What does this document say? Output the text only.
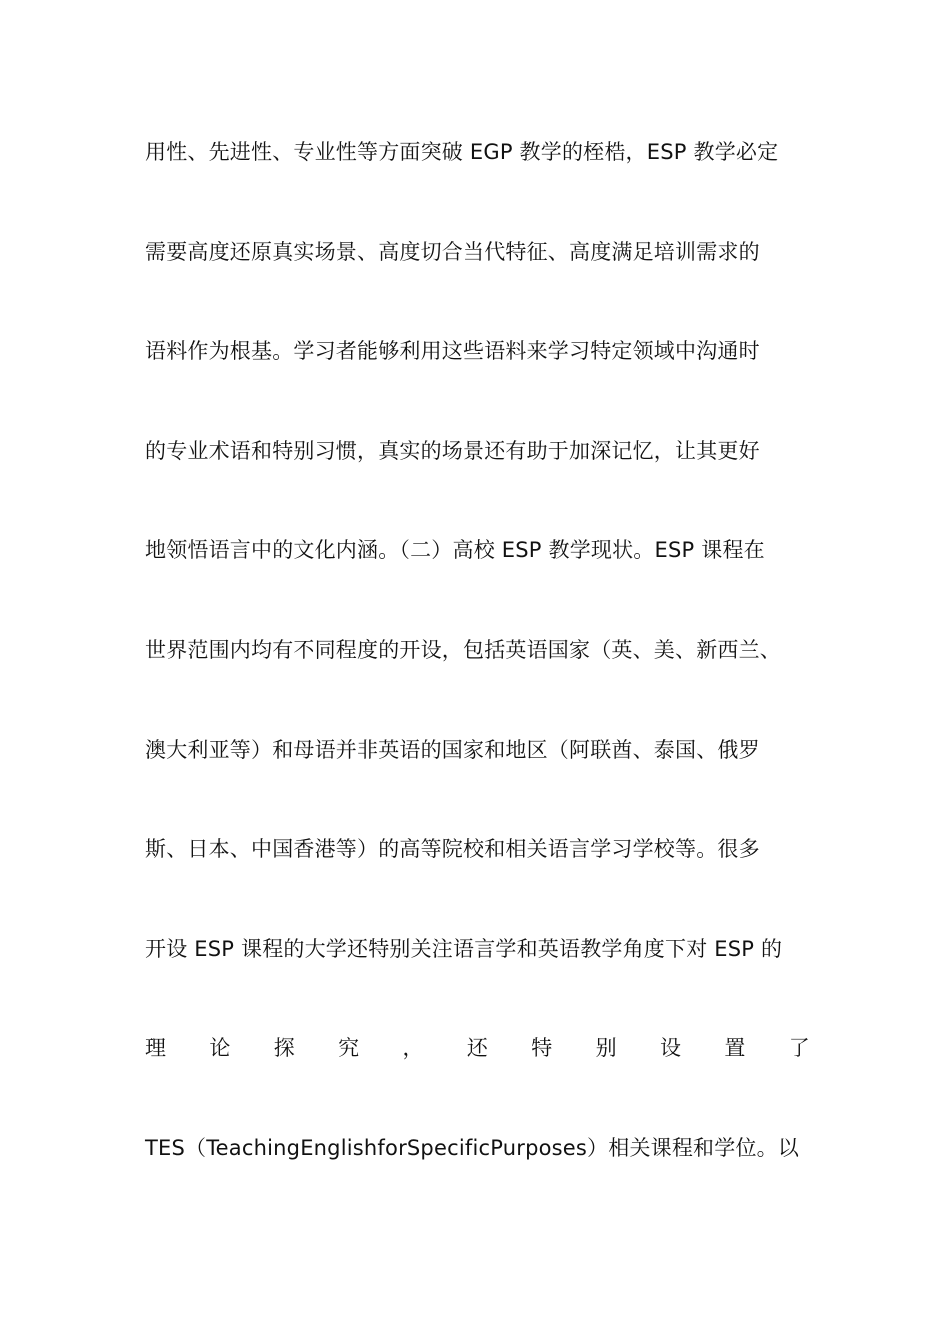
用性、先进性、专业性等方面突破 EGP 教学的桎梏，ESP 教学必定
需要高度还原真实场景、高度切合当代特征、高度满足培训需求的
语料作为根基。学习者能够利用这些语料来学习特定领域中沟通时
的专业术语和特别习惯，真实的场景还有助于加深记忆，让其更好
地领悟语言中的文化内涵。（二）高校 ESP 教学现状。ESP 课程在
世界范围内均有不同程度的开设，包括英语国家（英、美、新西兰、
澳大利亚等）和母语并非英语的国家和地区（阿联酋、泰国、俄罗
斯、日本、中国香港等）的高等院校和相关语言学习学校等。很多
开设 ESP 课程的大学还特别关注语言学和英语教学角度下对 ESP 的
理 论 探 究 ， 还 特 别 设 置 了
TES（TeachingEnglishforSpecificPurposes）相关课程和学位。以
